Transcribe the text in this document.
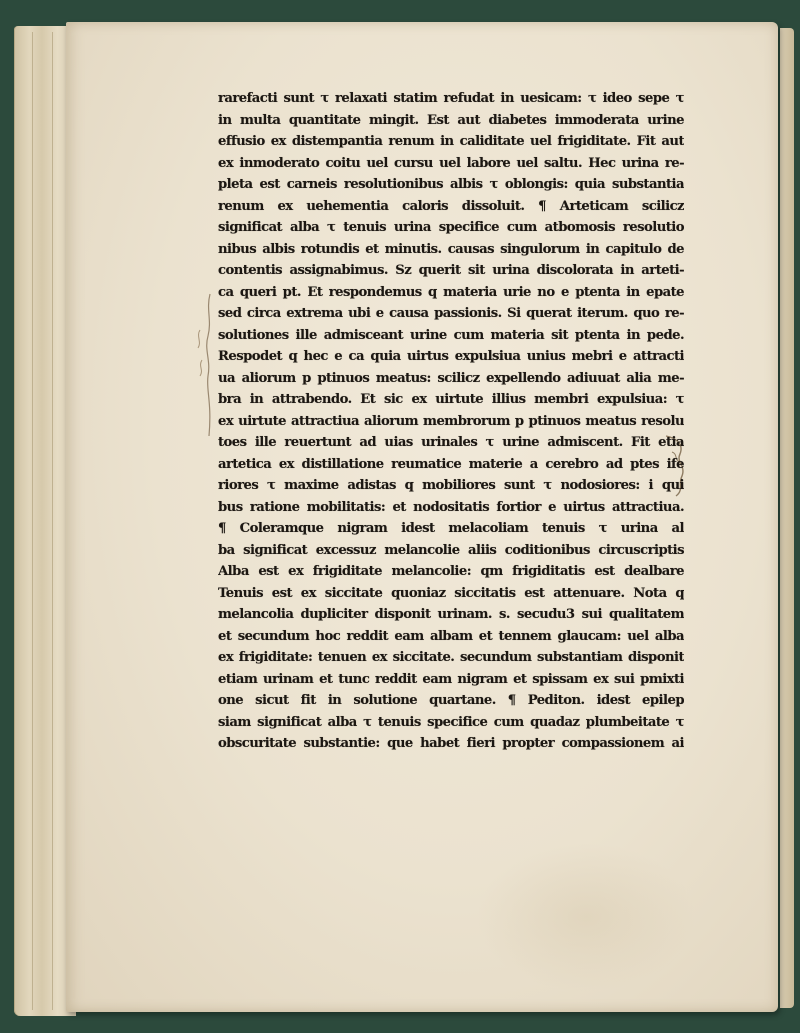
rarefacti sunt τ relaxati statim refudat in uesicam: τ ideo sepe τ
in multa quantitate mingit. Est aut diabetes immoderata urine
effusio ex distempantia renum in caliditate uel frigiditate. Fit aut
ex inmoderato coitu uel cursu uel labore uel saltu. Hec urina re-
pleta est carneis resolutionibus albis τ oblongis: quia substantia
renum ex uehementia caloris dissoluit. ¶ Arteticam scilicz
significat alba τ tenuis urina specifice cum atbomosis resolutio
nibus albis rotundis et minutis. causas singulorum in capitulo de
contentis assignabimus. Sz querit sit urina discolorata in arteti-
ca queri pt. Et respondemus q materia urie no e ptenta in epate
sed circa extrema ubi e causa passionis. Si querat iterum. quo re-
solutiones ille admisceant urine cum materia sit ptenta in pede.
Respodet q hec e ca quia uirtus expulsiua unius mebri e attracti
ua aliorum p ptinuos meatus: scilicz expellendo adiuuat alia me-
bra in attrabendo. Et sic ex uirtute illius membri expulsiua: τ
ex uirtute attractiua aliorum membrorum p ptinuos meatus resolu
toes ille reuertunt ad uias urinales τ urine admiscent. Fit etia
artetica ex distillatione reumatice materie a cerebro ad ptes ife
riores τ maxime adistas q mobiliores sunt τ nodosiores: i qui
bus ratione mobilitatis: et nodositatis fortior e uirtus attractiua.
¶ Coleramque nigram idest melacoliam tenuis τ urina al
ba significat excessuz melancolie aliis coditionibus circuscriptis
Alba est ex frigiditate melancolie: qm frigiditatis est dealbare
Tenuis est ex siccitate quoniaz siccitatis est attenuare. Nota q
melancolia dupliciter disponit urinam. s. secudu3 sui qualitatem
et secundum hoc reddit eam albam et tennem glaucam: uel alba
ex frigiditate: tenuen ex siccitate. secundum substantiam disponit
etiam urinam et tunc reddit eam nigram et spissam ex sui pmixti
one sicut fit in solutione quartane. ¶ Pediton. idest epilep
siam significat alba τ tenuis specifice cum quadaz plumbeitate τ
obscuritate substantie: que habet fieri propter compassionem ai
